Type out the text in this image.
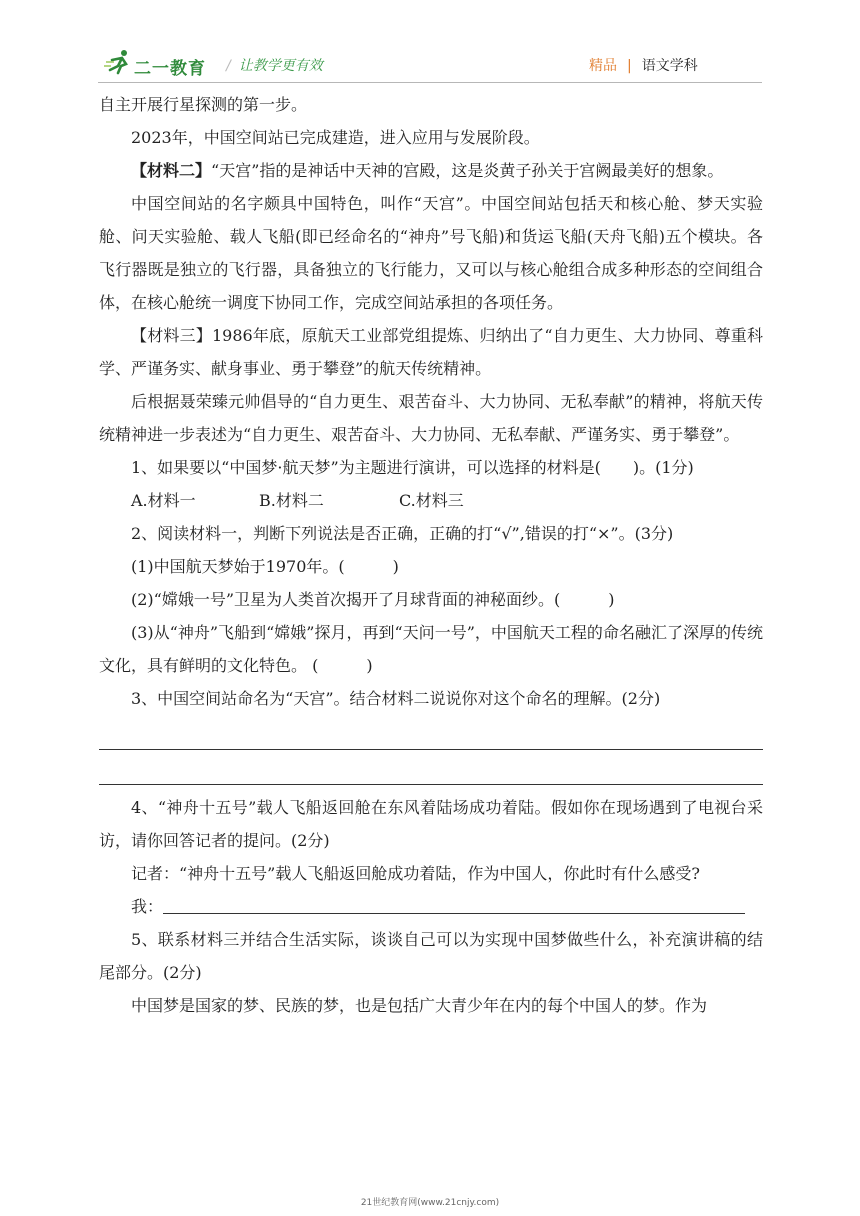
二一教育 / 让教学更有效	精品 | 语文学科

自主开展行星探测的第一步。

2023年，中国空间站已完成建造，进入应用与发展阶段。

【材料二】“天宫”指的是神话中天神的宫殿，这是炎黄子孙关于宫阙最美好的想象。

中国空间站的名字颇具中国特色，叫作“天宫”。中国空间站包括天和核心舱、梦天实验舱、问天实验舱、载人飞船(即已经命名的“神舟”号飞船)和货运飞船(天舟飞船)五个模块。各飞行器既是独立的飞行器，具备独立的飞行能力，又可以与核心舱组合成多种形态的空间组合体，在核心舱统一调度下协同工作，完成空间站承担的各项任务。

【材料三】1986年底，原航天工业部党组提炼、归纳出了“自力更生、大力协同、尊重科学、严谨务实、献身事业、勇于攀登”的航天传统精神。

后根据聂荣臻元帅倡导的“自力更生、艰苦奋斗、大力协同、无私奉献”的精神，将航天传统精神进一步表述为“自力更生、艰苦奋斗、大力协同、无私奉献、严谨务实、勇于攀登”。

1、如果要以“中国梦·航天梦”为主题进行演讲，可以选择的材料是(　　)。(1分)

A.材料一	B.材料二	C.材料三

2、阅读材料一，判断下列说法是否正确，正确的打“√”,错误的打“×”。(3分)

(1)中国航天梦始于1970年。(　　　)

(2)“嫦娥一号”卫星为人类首次揭开了月球背面的神秘面纱。(　　　)

(3)从“神舟”飞船到“嫦娥”探月，再到“天问一号”，中国航天工程的命名融汇了深厚的传统文化，具有鲜明的文化特色。 (　　　)

3、中国空间站命名为“天宫”。结合材料二说说你对这个命名的理解。(2分)

4、“神舟十五号”载人飞船返回舱在东风着陆场成功着陆。假如你在现场遇到了电视台采访，请你回答记者的提问。(2分)

记者：“神舟十五号”载人飞船返回舱成功着陆，作为中国人，你此时有什么感受?

我：

5、联系材料三并结合生活实际，谈谈自己可以为实现中国梦做些什么，补充演讲稿的结尾部分。(2分)

中国梦是国家的梦、民族的梦，也是包括广大青少年在内的每个中国人的梦。作为

21世纪教育网(www.21cnjy.com)
